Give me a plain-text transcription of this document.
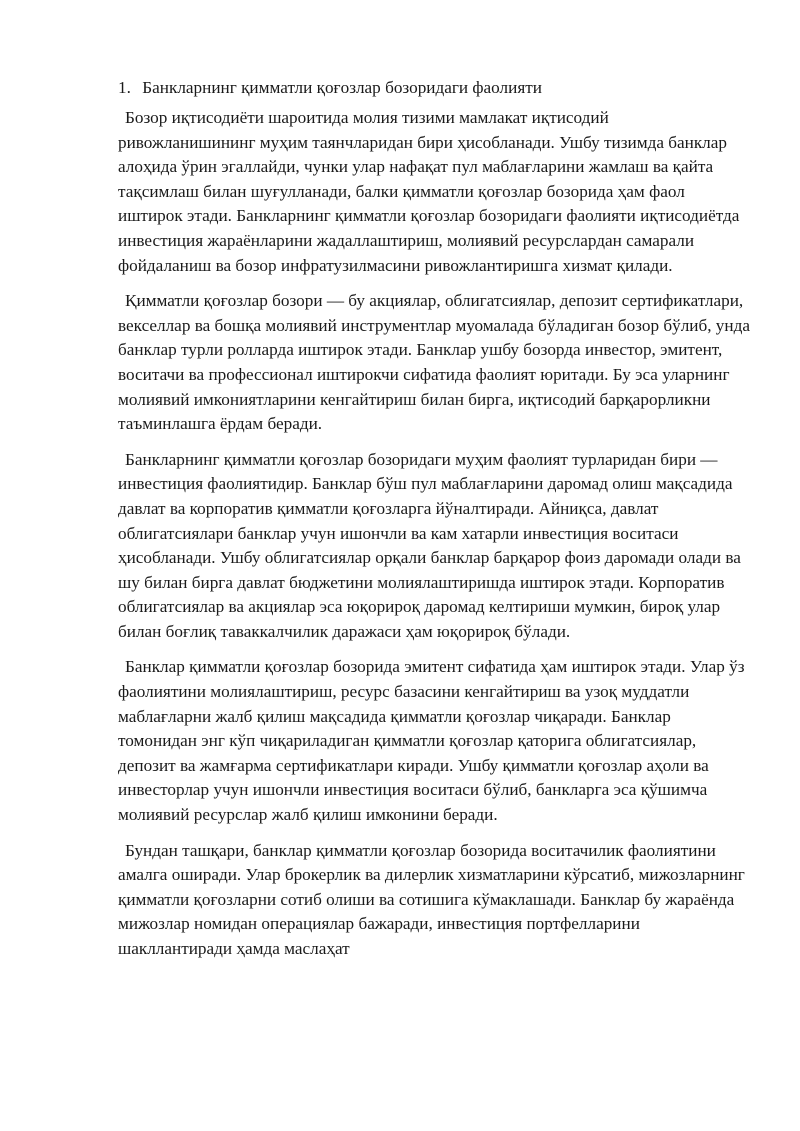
1. Банкларнинг қимматли қоғозлар бозоридаги фаолияти

Бозор иқтисодиёти шароитида молия тизими мамлакат иқтисодий ривожланишининг муҳим таянчларидан бири ҳисобланади. Ушбу тизимда банклар алоҳида ўрин эгаллайди, чунки улар нафақат пул маблағларини жамлаш ва қайта тақсимлаш билан шуғулланади, балки қимматли қоғозлар бозорида ҳам фаол иштирок этади. Банкларнинг қимматли қоғозлар бозоридаги фаолияти иқтисодиётда инвестиция жараёнларини жадаллаштириш, молиявий ресурслардан самарали фойдаланиш ва бозор инфратузилмасини ривожлантиришга хизмат қилади.

Қимматли қоғозлар бозори — бу акциялар, облигатсиялар, депозит сертификатлари, векселлар ва бошқа молиявий инструментлар муомалада бўладиган бозор бўлиб, унда банклар турли ролларда иштирок этади. Банклар ушбу бозорда инвестор, эмитент, воситачи ва профессионал иштирокчи сифатида фаолият юритади. Бу эса уларнинг молиявий имкониятларини кенгайтириш билан бирга, иқтисодий барқарорликни таъминлашга ёрдам беради.

Банкларнинг қимматли қоғозлар бозоридаги муҳим фаолият турларидан бири — инвестиция фаолиятидир. Банклар бўш пул маблағларини даромад олиш мақсадида давлат ва корпоратив қимматли қоғозларга йўналтиради. Айниқса, давлат облигатсиялари банклар учун ишончли ва кам хатарли инвестиция воситаси ҳисобланади. Ушбу облигатсиялар орқали банклар барқарор фоиз даромади олади ва шу билан бирга давлат бюджетини молиялаштиришда иштирок этади. Корпоратив облигатсиялар ва акциялар эса юқорироқ даромад келтириши мумкин, бироқ улар билан боғлиқ таваккалчилик даражаси ҳам юқорироқ бўлади.

Банклар қимматли қоғозлар бозорида эмитент сифатида ҳам иштирок этади. Улар ўз фаолиятини молиялаштириш, ресурс базасини кенгайтириш ва узоқ муддатли маблағларни жалб қилиш мақсадида қимматли қоғозлар чиқаради. Банклар томонидан энг кўп чиқариладиган қимматли қоғозлар қаторига облигатсиялар, депозит ва жамғарма сертификатлари киради. Ушбу қимматли қоғозлар аҳоли ва инвесторлар учун ишончли инвестиция воситаси бўлиб, банкларга эса қўшимча молиявий ресурслар жалб қилиш имконини беради.

Бундан ташқари, банклар қимматли қоғозлар бозорида воситачилик фаолиятини амалга оширади. Улар брокерлик ва дилерлик хизматларини кўрсатиб, мижозларнинг қимматли қоғозларни сотиб олиши ва сотишига кўмаклашади. Банклар бу жараёнда мижозлар номидан операциялар бажаради, инвестиция портфелларини шакллантиради ҳамда маслаҳат
